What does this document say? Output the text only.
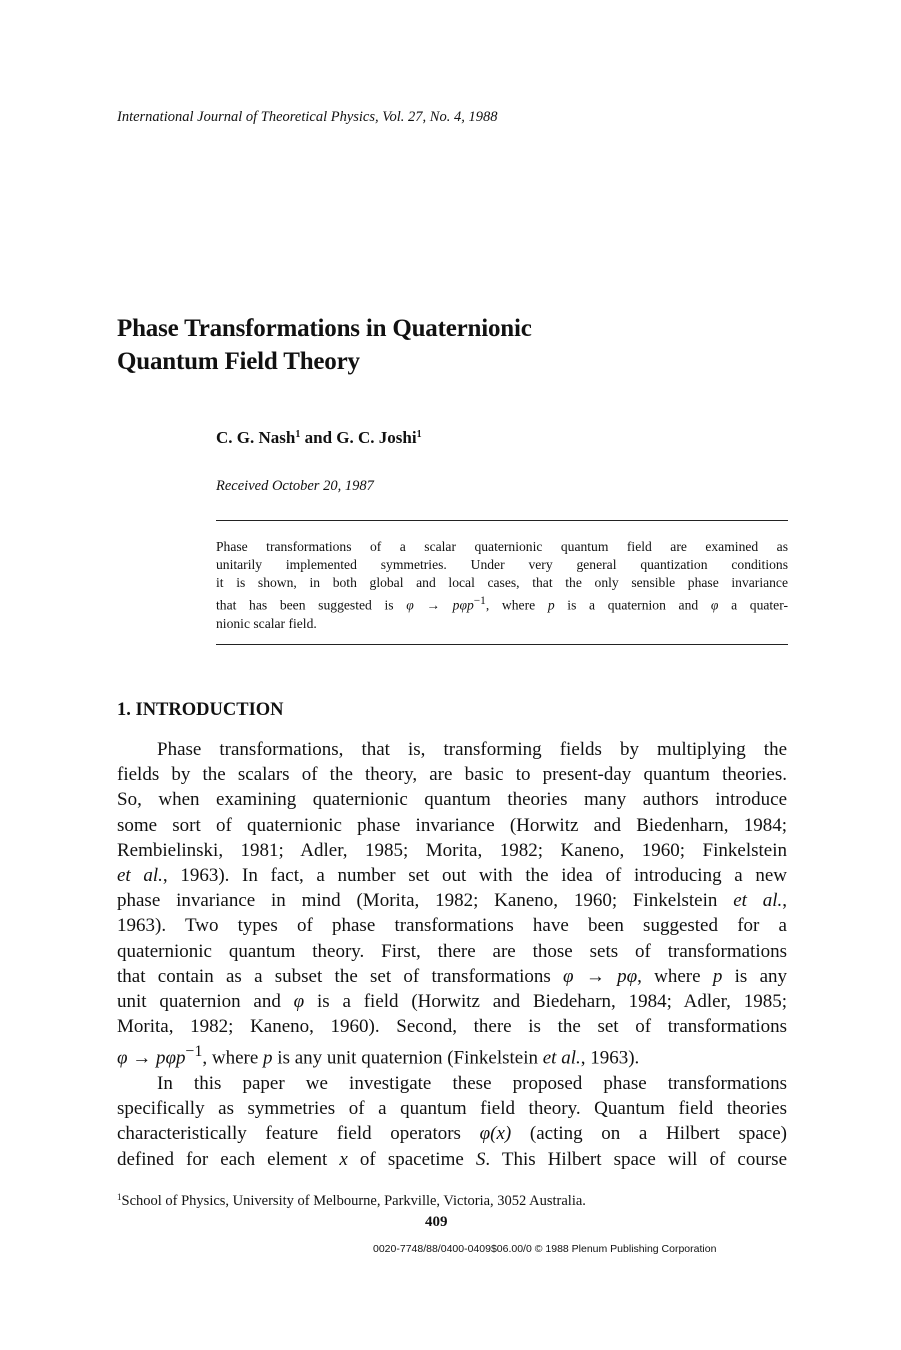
International Journal of Theoretical Physics, Vol. 27, No. 4, 1988
Phase Transformations in Quaternionic
Quantum Field Theory
C. G. Nash$^1$ and G. C. Joshi$^1$
Received October 20, 1987
Phase transformations of a scalar quaternionic quantum field are examined as
unitarily implemented symmetries. Under very general quantization conditions
it is shown, in both global and local cases, that the only sensible phase invariance
that has been suggested is φ → pφp$^{-1}$, where p is a quaternion and φ a quater-
nionic scalar field.
1. INTRODUCTION

Phase transformations, that is, transforming fields by multiplying the
fields by the scalars of the theory, are basic to present-day quantum theories.
So, when examining quaternionic quantum theories many authors introduce
some sort of quaternionic phase invariance (Horwitz and Biedenharn, 1984;
Rembielinski, 1981; Adler, 1985; Morita, 1982; Kaneno, 1960; Finkelstein
et al., 1963). In fact, a number set out with the idea of introducing a new
phase invariance in mind (Morita, 1982; Kaneno, 1960; Finkelstein et al.,
1963). Two types of phase transformations have been suggested for a
quaternionic quantum theory. First, there are those sets of transformations
that contain as a subset the set of transformations φ → pφ, where p is any
unit quaternion and φ is a field (Horwitz and Biedeharn, 1984; Adler, 1985;
Morita, 1982; Kaneno, 1960). Second, there is the set of transformations
φ → pφp$^{-1}$, where p is any unit quaternion (Finkelstein et al., 1963).

In this paper we investigate these proposed phase transformations
specifically as symmetries of a quantum field theory. Quantum field theories
characteristically feature field operators φ(x) (acting on a Hilbert space)
defined for each element x of spacetime S. This Hilbert space will of course

$^1$School of Physics, University of Melbourne, Parkville, Victoria, 3052 Australia.
409
0020-7748/88/0400-0409$06.00/0 © 1988 Plenum Publishing Corporation
